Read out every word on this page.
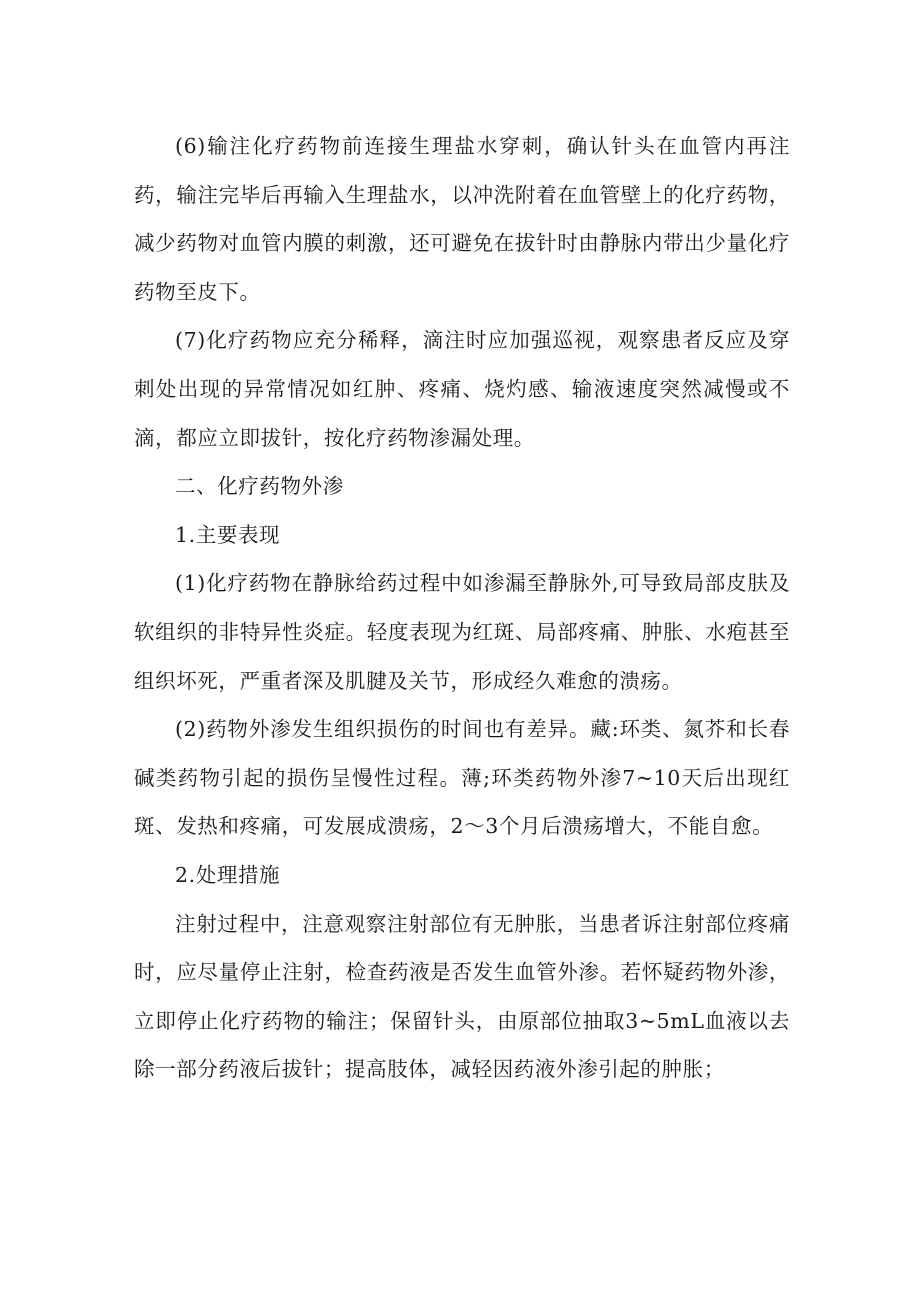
(6)输注化疗药物前连接生理盐水穿刺，确认针头在血管内再注药，输注完毕后再输入生理盐水，以冲洗附着在血管壁上的化疗药物，减少药物对血管内膜的刺激，还可避免在拔针时由静脉内带出少量化疗药物至皮下。

(7)化疗药物应充分稀释，滴注时应加强巡视，观察患者反应及穿刺处出现的异常情况如红肿、疼痛、烧灼感、输液速度突然减慢或不滴，都应立即拔针，按化疗药物渗漏处理。

二、化疗药物外渗

1.主要表现

(1)化疗药物在静脉给药过程中如渗漏至静脉外,可导致局部皮肤及软组织的非特异性炎症。轻度表现为红斑、局部疼痛、肿胀、水疱甚至组织坏死，严重者深及肌腱及关节，形成经久难愈的溃疡。

(2)药物外渗发生组织损伤的时间也有差异。藏:环类、氮芥和长春碱类药物引起的损伤呈慢性过程。薄;环类药物外渗7~10天后出现红斑、发热和疼痛，可发展成溃疡，2～3个月后溃疡增大，不能自愈。

2.处理措施

注射过程中，注意观察注射部位有无肿胀，当患者诉注射部位疼痛时，应尽量停止注射，检查药液是否发生血管外渗。若怀疑药物外渗，立即停止化疗药物的输注；保留针头，由原部位抽取3~5mL血液以去除一部分药液后拔针；提高肢体，减轻因药液外渗引起的肿胀；
